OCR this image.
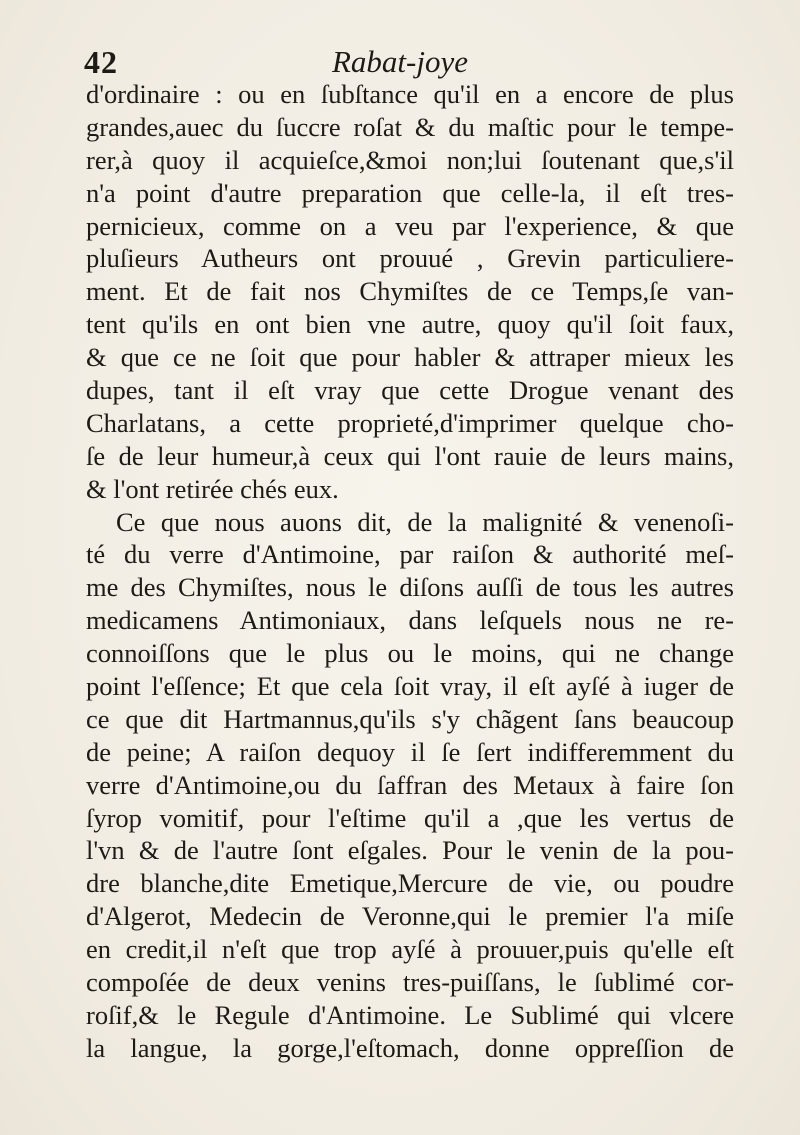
42	Rabat-joye
d'ordinaire : ou en ſubſtance qu'il en a encore de plus
grandes,auec du ſuccre roſat & du maſtic pour le tempe-
rer,à quoy il acquieſce,&moi non;lui ſoutenant que,s'il
n'a point d'autre preparation que celle-la, il eſt tres-
pernicieux, comme on a veu par l'experience, & que
pluſieurs Autheurs ont prouué , Grevin particuliere-
ment. Et de fait nos Chymiſtes de ce Temps,ſe van-
tent qu'ils en ont bien vne autre, quoy qu'il ſoit faux,
& que ce ne ſoit que pour habler & attraper mieux les
dupes, tant il eſt vray que cette Drogue venant des
Charlatans, a cette proprieté,d'imprimer quelque cho-
ſe de leur humeur,à ceux qui l'ont rauie de leurs mains,
& l'ont retirée chés eux.
Ce que nous auons dit, de la malignité & venenoſi-
té du verre d'Antimoine, par raiſon & authorité meſ-
me des Chymiſtes, nous le diſons auſſi de tous les autres
medicamens Antimoniaux, dans leſquels nous ne re-
connoiſſons que le plus ou le moins, qui ne change
point l'eſſence; Et que cela ſoit vray, il eſt ayſé à iuger de
ce que dit Hartmannus,qu'ils s'y chãgent ſans beaucoup
de peine; A raiſon dequoy il ſe ſert indifferemment du
verre d'Antimoine,ou du ſaffran des Metaux à faire ſon
ſyrop vomitif, pour l'eſtime qu'il a ,que les vertus de
l'vn & de l'autre ſont eſgales. Pour le venin de la pou-
dre blanche,dite Emetique,Mercure de vie, ou poudre
d'Algerot, Medecin de Veronne,qui le premier l'a miſe
en credit,il n'eſt que trop ayſé à prouuer,puis qu'elle eſt
compoſée de deux venins tres-puiſſans, le ſublimé cor-
roſif,& le Regule d'Antimoine. Le Sublimé qui vlcere
la langue, la gorge,l'eſtomach, donne oppreſſion de
